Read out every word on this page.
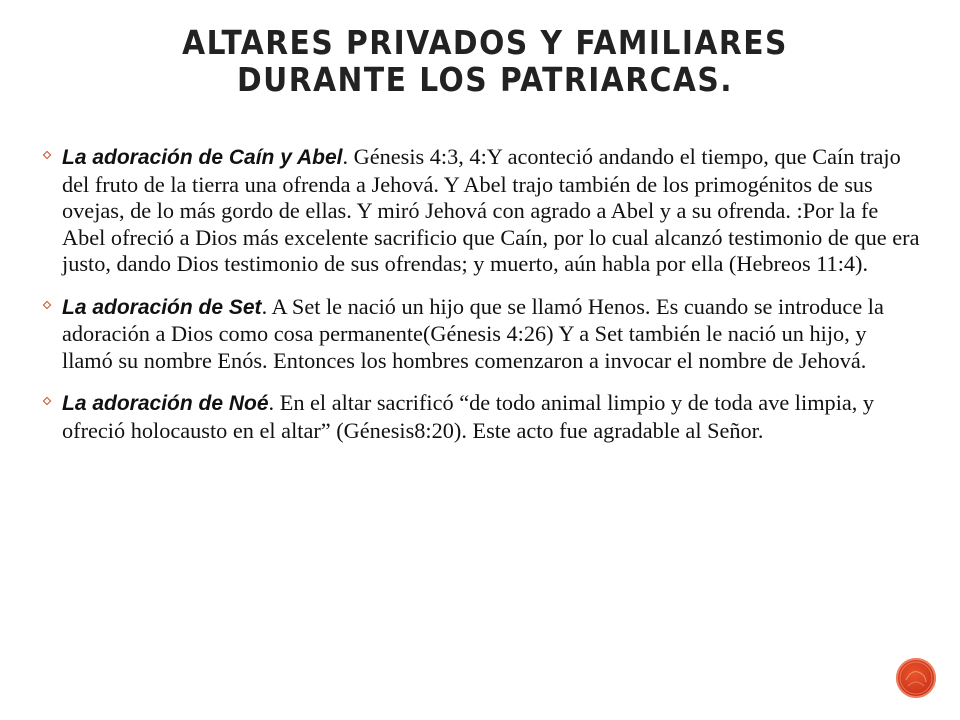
ALTARES PRIVADOS Y FAMILIARES DURANTE LOS PATRIARCAS.
La adoración de Caín y Abel. Génesis 4:3, 4:Y aconteció andando el tiempo, que Caín trajo del fruto de la tierra una ofrenda a Jehová. Y Abel trajo también de los primogénitos de sus ovejas, de lo más gordo de ellas. Y miró Jehová con agrado a Abel y a su ofrenda. :Por la fe Abel ofreció a Dios más excelente sacrificio que Caín, por lo cual alcanzó testimonio de que era justo, dando Dios testimonio de sus ofrendas; y muerto, aún habla por ella (Hebreos 11:4).
La adoración de Set. A Set le nació un hijo que se llamó Henos. Es cuando se introduce la adoración a Dios como cosa permanente(Génesis 4:26) Y a Set también le nació un hijo, y llamó su nombre Enós. Entonces los hombres comenzaron a invocar el nombre de Jehová.
La adoración de Noé. En el altar sacrificó “de todo animal limpio y de toda ave limpia, y ofreció holocausto en el altar” (Génesis8:20). Este acto fue agradable al Señor.
